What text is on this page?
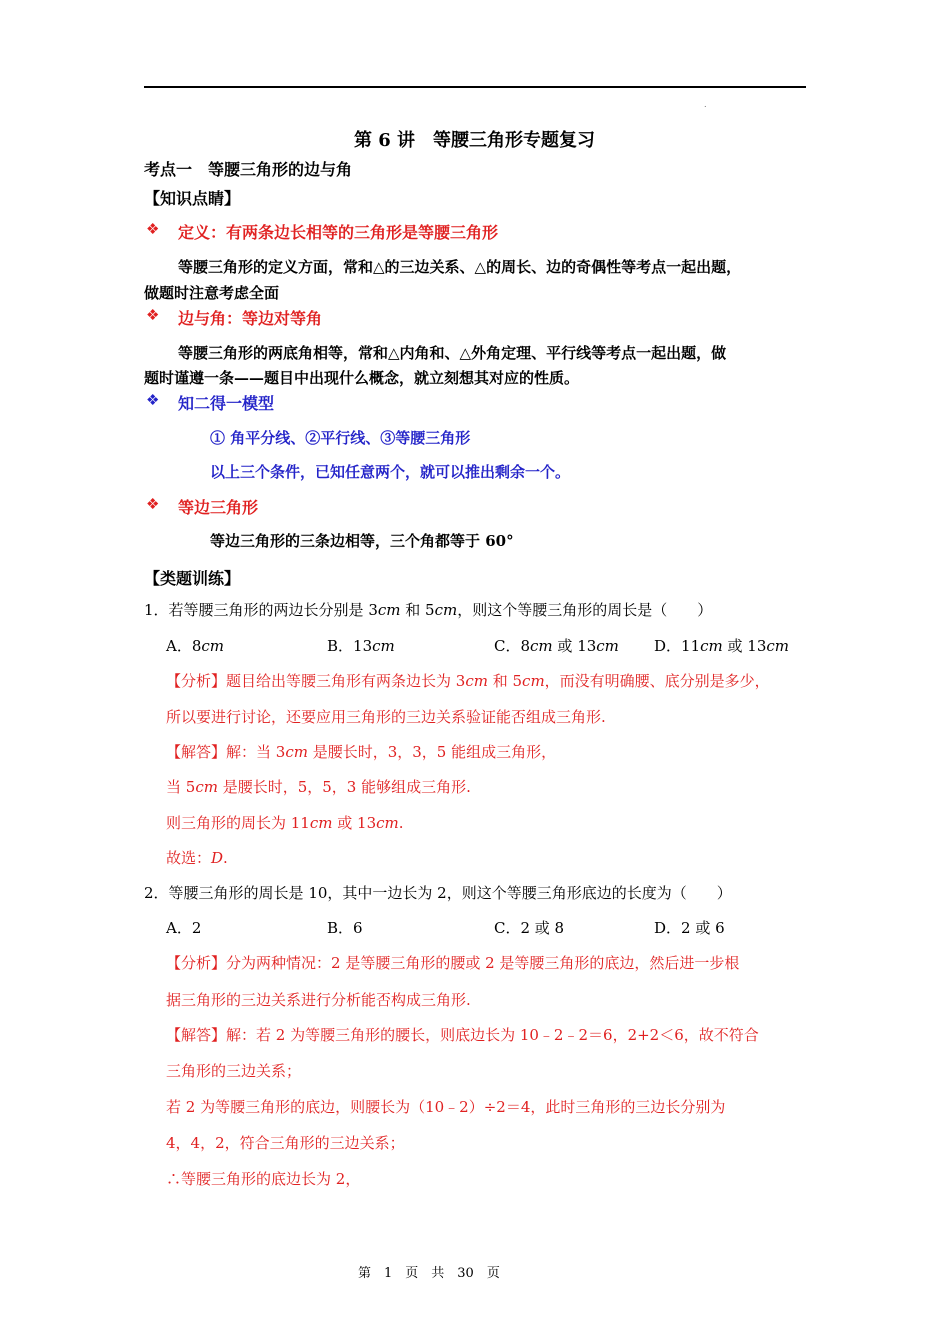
.
第 6 讲　等腰三角形专题复习
考点一　等腰三角形的边与角
【知识点睛】
❖ 定义：有两条边长相等的三角形是等腰三角形
等腰三角形的定义方面，常和△的三边关系、△的周长、边的奇偶性等考点一起出题，
做题时注意考虑全面
❖ 边与角：等边对等角
等腰三角形的两底角相等，常和△内角和、△外角定理、平行线等考点一起出题，做
题时谨遵一条——题目中出现什么概念，就立刻想其对应的性质。
❖ 知二得一模型
① 角平分线、②平行线、③等腰三角形
以上三个条件，已知任意两个，就可以推出剩余一个。
❖ 等边三角形
等边三角形的三条边相等，三个角都等于 60°
【类题训练】
1．若等腰三角形的两边长分别是 3cm 和 5cm，则这个等腰三角形的周长是（　　）
A．8cm	B．13cm	C．8cm 或 13cm D．11cm 或 13cm
【分析】题目给出等腰三角形有两条边长为 3cm 和 5cm，而没有明确腰、底分别是多少，
所以要进行讨论，还要应用三角形的三边关系验证能否组成三角形.
【解答】解：当 3cm 是腰长时，3，3，5 能组成三角形，
当 5cm 是腰长时，5，5，3 能够组成三角形.
则三角形的周长为 11cm 或 13cm.
故选：D.
2．等腰三角形的周长是 10，其中一边长为 2，则这个等腰三角形底边的长度为（　　）
A．2	B．6	C．2 或 8	D．2 或 6
【分析】分为两种情况：2 是等腰三角形的腰或 2 是等腰三角形的底边，然后进一步根
据三角形的三边关系进行分析能否构成三角形.
【解答】解：若 2 为等腰三角形的腰长，则底边长为 10﹣2﹣2＝6，2+2＜6，故不符合
三角形的三边关系；
若 2 为等腰三角形的底边，则腰长为（10﹣2）÷2＝4，此时三角形的三边长分别为
4，4，2，符合三角形的三边关系；
∴等腰三角形的底边长为 2，
第　1　页　共　30　页
